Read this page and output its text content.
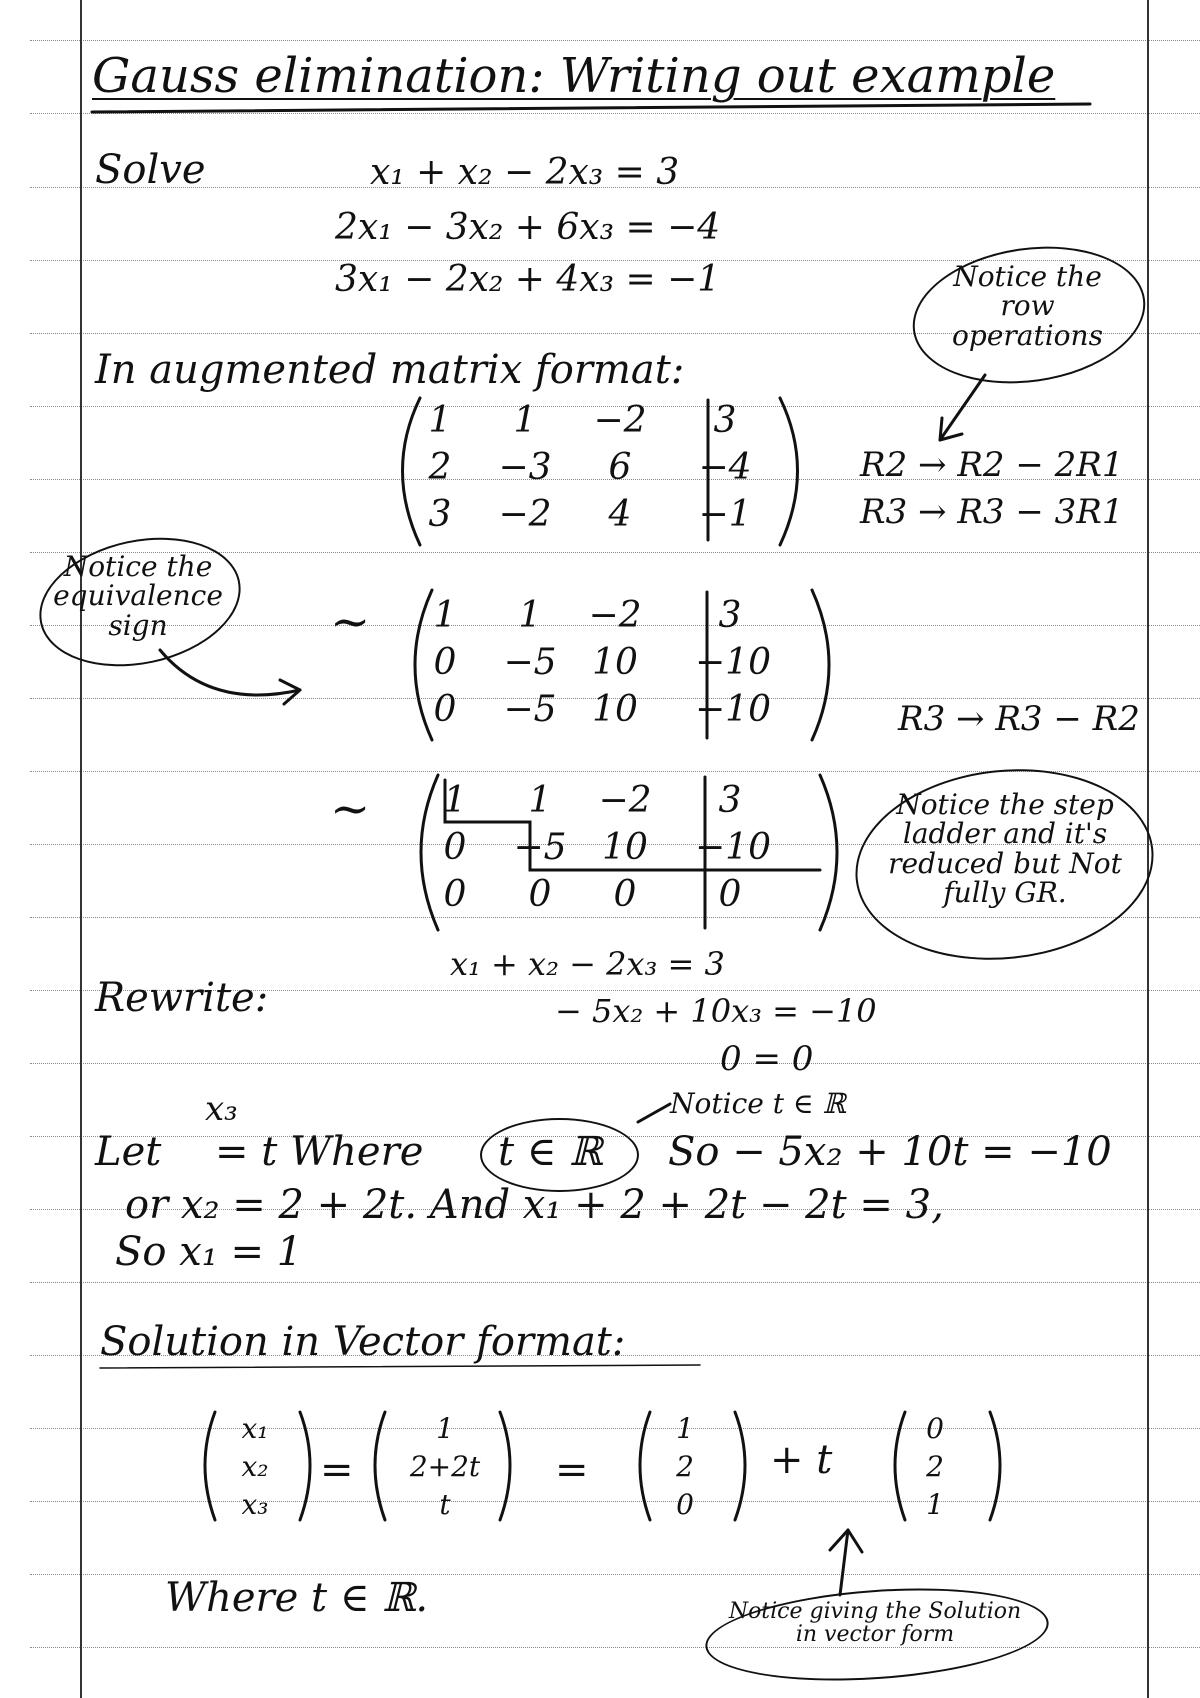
Gauss elimination: Writing out example
Solve	x₁ + x₂ − 2x₃ = 3
2x₁ − 3x₂ + 6x₃ = −4
3x₁ − 2x₂ + 4x₃ = −1	Notice the row operations
In augmented matrix format:
1	1	−2	3
2	−3	6	−4
3	−2	4	−1
R2 → R2 − 2R1
R3 → R3 − 3R1
Notice the equivalence sign	~	1	1	−2	3
0	−5 10	−10
0	−5 10	−10	R3 → R3 − R2
~	1	1	−2	3
0	−5 10	−10
0	0	0	0
Notice the step ladder and it's reduced but Not fully GR.
x₁ + x₂ − 2x₃ = 3
Rewrite:	− 5x₂ + 10x₃ = −10
0 = 0
Notice t ∈ ℝ
x₃
Let = t Where t ∈ ℝ So − 5x₂ + 10t = −10
or x₂ = 2 + 2t. And x₁ + 2 + 2t − 2t = 3,
So x₁ = 1
Solution in Vector format:
x₁
x₂
x₃
=
1
2+2t
t
=
1
2
0
+ t
0
2
1
Where t ∈ ℝ.	Notice giving the Solution in vector form
